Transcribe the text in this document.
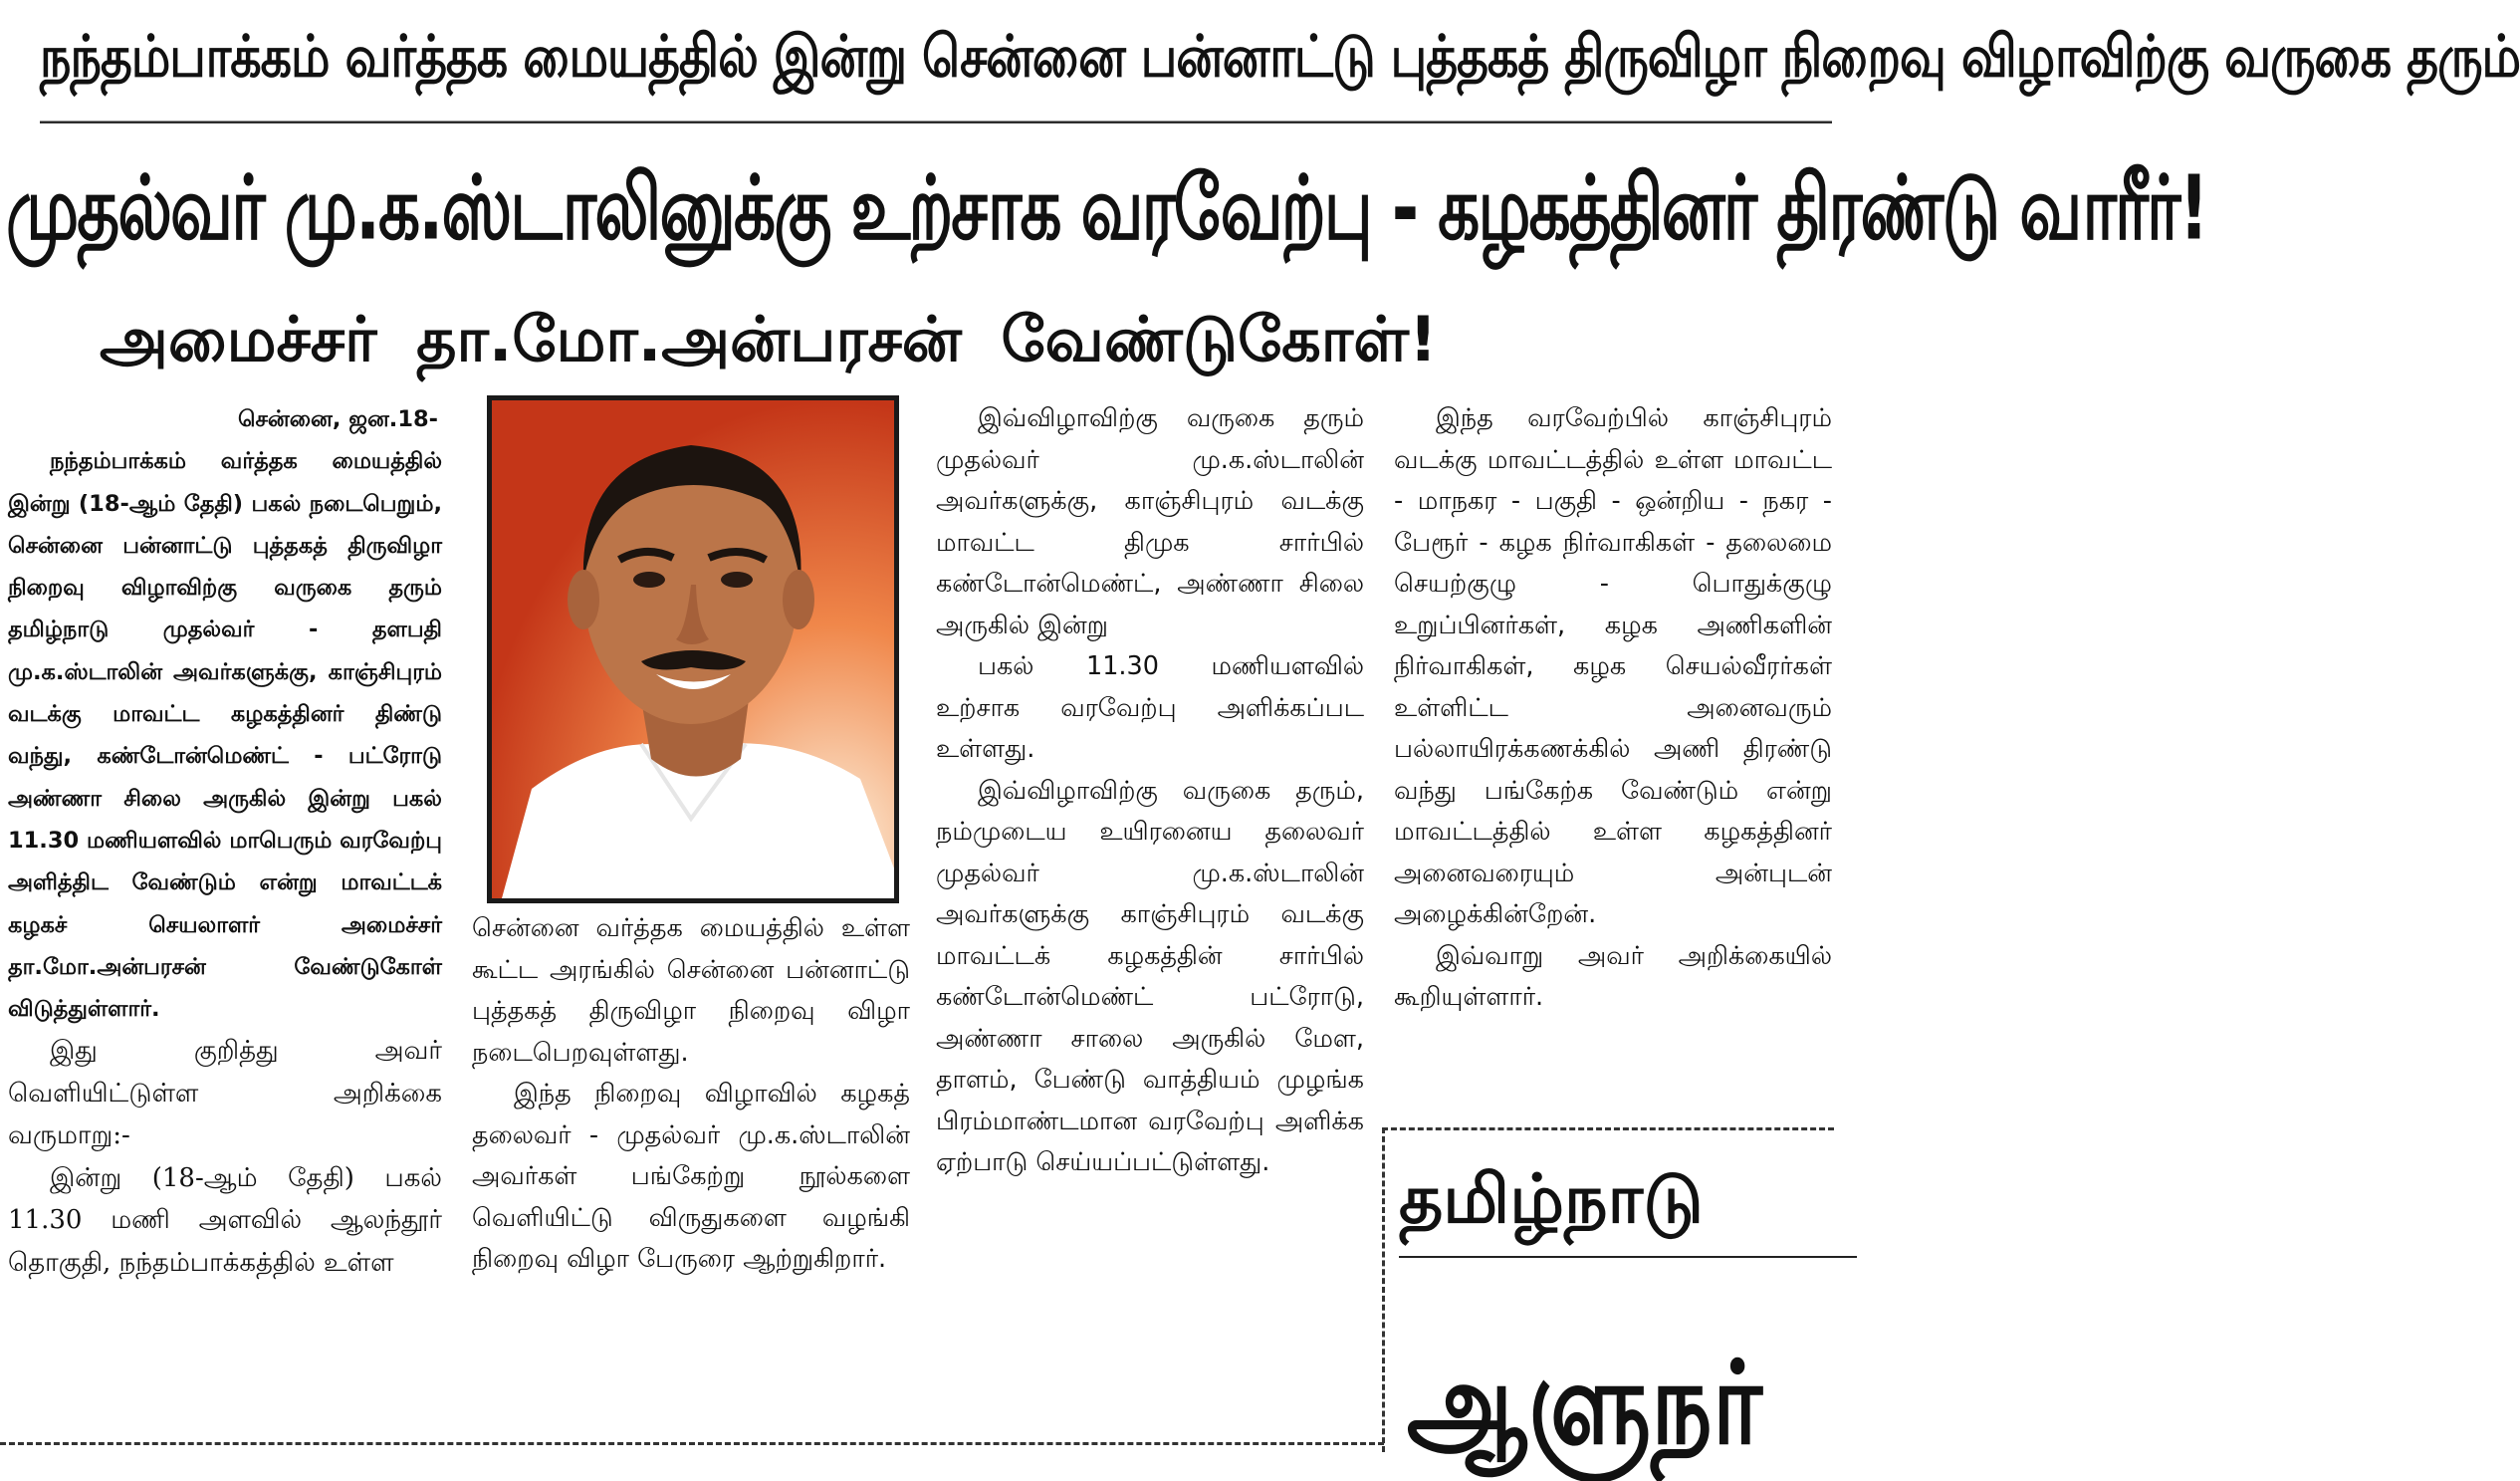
நந்தம்பாக்கம் வர்த்தக மையத்தில் இன்று சென்னை பன்னாட்டு புத்தகத் திருவிழா நிறைவு விழாவிற்கு வருகை தரும்
முதல்வர் மு.க.ஸ்டாலினுக்கு உற்சாக வரவேற்பு - கழகத்தினர் திரண்டு வாரீர்!
அமைச்சர் தா.மோ.அன்பரசன் வேண்டுகோள்!

சென்னை, ஜன.18-

நந்தம்பாக்கம் வர்த்தக மையத்தில் இன்று (18-ஆம் தேதி) பகல் நடைபெறும், சென்னை பன்னாட்டு புத்தகத் திருவிழா நிறைவு விழாவிற்கு வருகை தரும் தமிழ்நாடு முதல்வர் - தளபதி மு.க.ஸ்டாலின் அவர்களுக்கு, காஞ்சிபுரம் வடக்கு மாவட்ட கழகத்தினர் திண்டு வந்து, கண்டோன்மெண்ட் - பட்ரோடு அண்ணா சிலை அருகில் இன்று பகல் 11.30 மணியளவில் மாபெரும் வரவேற்பு அளித்திட வேண்டும் என்று மாவட்டக் கழகச் செயலாளர் அமைச்சர் தா.மோ.அன்பரசன் வேண்டுகோள் விடுத்துள்ளார்.

இது குறித்து அவர் வெளியிட்டுள்ள அறிக்கை வருமாறு:-

இன்று (18-ஆம் தேதி) பகல் 11.30 மணி அளவில் ஆலந்தூர் தொகுதி, நந்தம்பாக்கத்தில் உள்ள

சென்னை வர்த்தக மையத்தில் உள்ள கூட்ட அரங்கில் சென்னை பன்னாட்டு புத்தகத் திருவிழா நிறைவு விழா நடைபெறவுள்ளது.

இந்த நிறைவு விழாவில் கழகத் தலைவர் - முதல்வர் மு.க.ஸ்டாலின் அவர்கள் பங்கேற்று நூல்களை வெளியிட்டு விருதுகளை வழங்கி நிறைவு விழா பேருரை ஆற்றுகிறார்.

இவ்விழாவிற்கு வருகை தரும் முதல்வர் மு.க.ஸ்டாலின் அவர்களுக்கு, காஞ்சிபுரம் வடக்கு மாவட்ட திமுக சார்பில் கண்டோன்மெண்ட், அண்ணா சிலை அருகில் இன்று

பகல் 11.30 மணியளவில் உற்சாக வரவேற்பு அளிக்கப்பட உள்ளது.

இவ்விழாவிற்கு வருகை தரும், நம்முடைய உயிரனைய தலைவர் முதல்வர் மு.க.ஸ்டாலின் அவர்களுக்கு காஞ்சிபுரம் வடக்கு மாவட்டக் கழகத்தின் சார்பில் கண்டோன்மெண்ட் பட்ரோடு, அண்ணா சாலை அருகில் மேள, தாளம், பேண்டு வாத்தியம் முழங்க பிரம்மாண்டமான வரவேற்பு அளிக்க ஏற்பாடு செய்யப்பட்டுள்ளது.

இந்த வரவேற்பில் காஞ்சிபுரம் வடக்கு மாவட்டத்தில் உள்ள மாவட்ட - மாநகர - பகுதி - ஒன்றிய - நகர - பேரூர் - கழக நிர்வாகிகள் - தலைமை செயற்குழு - பொதுக்குழு உறுப்பினர்கள், கழக அணிகளின் நிர்வாகிகள், கழக செயல்வீரர்கள் உள்ளிட்ட அனைவரும் பல்லாயிரக்கணக்கில் அணி திரண்டு வந்து பங்கேற்க வேண்டும் என்று மாவட்டத்தில் உள்ள கழகத்தினர் அனைவரையும் அன்புடன் அழைக்கின்றேன்.

இவ்வாறு அவர் அறிக்கையில் கூறியுள்ளார்.

தமிழ்நாடு
ஆளுநர்
